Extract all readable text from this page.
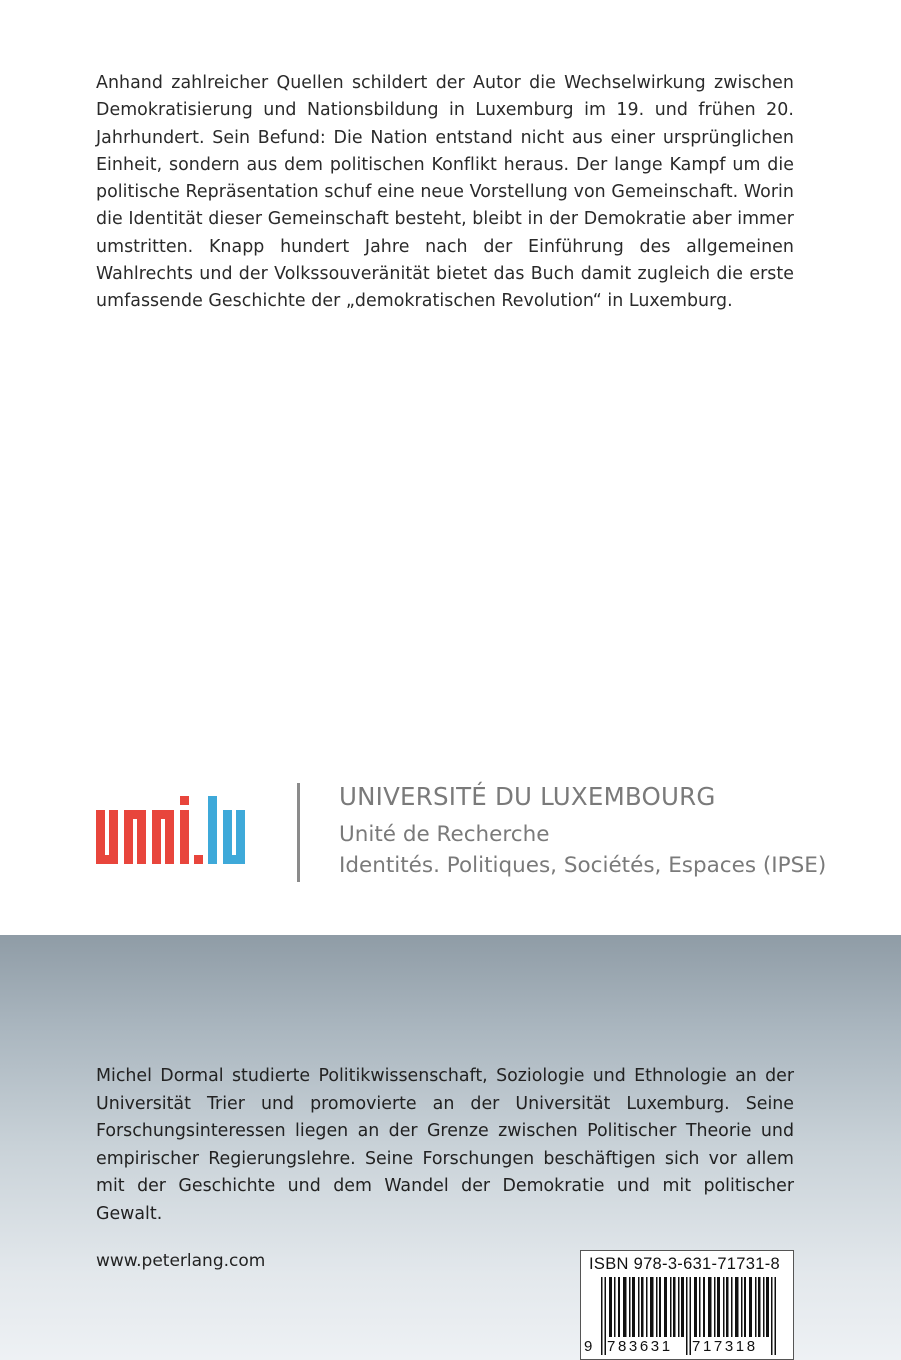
Anhand zahlreicher Quellen schildert der Autor die Wechselwirkung zwischen Demokratisierung und Nationsbildung in Luxemburg im 19. und frühen 20. Jahrhundert. Sein Befund: Die Nation entstand nicht aus einer ursprünglichen Einheit, sondern aus dem politischen Konflikt heraus. Der lange Kampf um die politische Repräsentation schuf eine neue Vorstellung von Gemeinschaft. Worin die Identität dieser Gemeinschaft besteht, bleibt in der Demokratie aber immer umstritten. Knapp hundert Jahre nach der Einführung des allgemeinen Wahlrechts und der Volkssouveränität bietet das Buch damit zugleich die erste umfassende Geschichte der „demokratischen Revolution“ in Luxemburg.

UNIVERSITÉ DU LUXEMBOURG
Unité de Recherche
Identités. Politiques, Sociétés, Espaces (IPSE)

Michel Dormal studierte Politikwissenschaft, Soziologie und Ethnologie an der Universität Trier und promovierte an der Universität Luxemburg. Seine Forschungsinteressen liegen an der Grenze zwischen Politischer Theorie und empirischer Regierungslehre. Seine Forschungen beschäftigen sich vor allem mit der Geschichte und dem Wandel der Demokratie und mit politischer Gewalt.

www.peterlang.com	ISBN 978-3-631-71731-8
9 783631 717318
